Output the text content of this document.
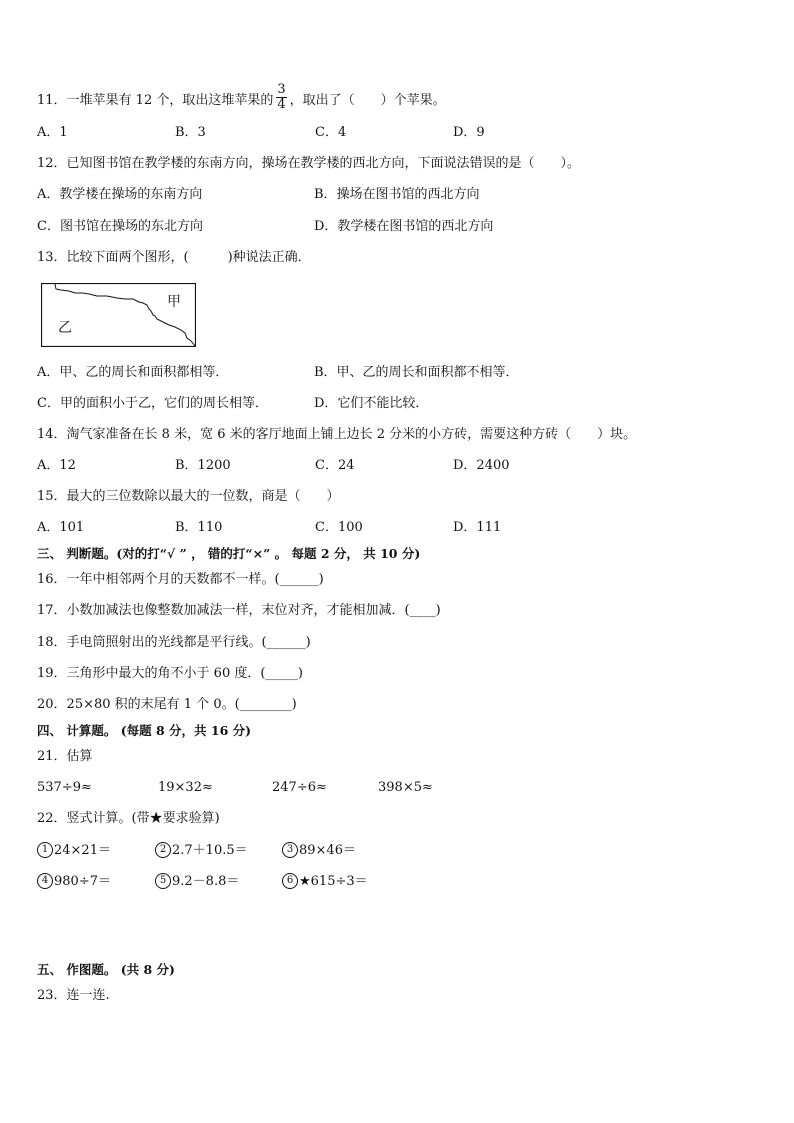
11．一堆苹果有 12 个，取出这堆苹果的 $\frac{3}{4}$ ，取出了（　　）个苹果。
A．1	B．3	C．4	D．9
12．已知图书馆在教学楼的东南方向，操场在教学楼的西北方向，下面说法错误的是（　　）。
A．教学楼在操场的东南方向	B．操场在图书馆的西北方向
C．图书馆在操场的东北方向	D．教学楼在图书馆的西北方向
13．比较下面两个图形，(　　　)种说法正确．
甲
乙
A．甲、乙的周长和面积都相等．	B．甲、乙的周长和面积都不相等．
C．甲的面积小于乙，它们的周长相等．	D．它们不能比较．
14．淘气家准备在长 8 米，宽 6 米的客厅地面上铺上边长 2 分米的小方砖，需要这种方砖（　　）块。
A．12	B．1200	C．24	D．2400
15．最大的三位数除以最大的一位数，商是（　　）
A．101	B．110	C．100	D．111
三、 判断题。(对的打“√ ” ， 错的打“×” 。 每题 2 分， 共 10 分)
16．一年中相邻两个月的天数都不一样。(______)
17．小数加减法也像整数加减法一样，末位对齐，才能相加减．(____)
18．手电筒照射出的光线都是平行线。(______)
19．三角形中最大的角不小于 60 度．(_____)
20．25×80 积的末尾有 1 个 0。(________)
四、 计算题。 (每题 8 分，共 16 分)
21．估算
537÷9≈	19×32≈	247÷6≈	398×5≈
22．竖式计算。(带★要求验算)
1 24×21＝	2 2.7＋10.5＝	3 89×46＝
4 980÷7＝	5 9.2－8.8＝	6 ★615÷3＝
五、 作图题。 (共 8 分)
23．连一连.
